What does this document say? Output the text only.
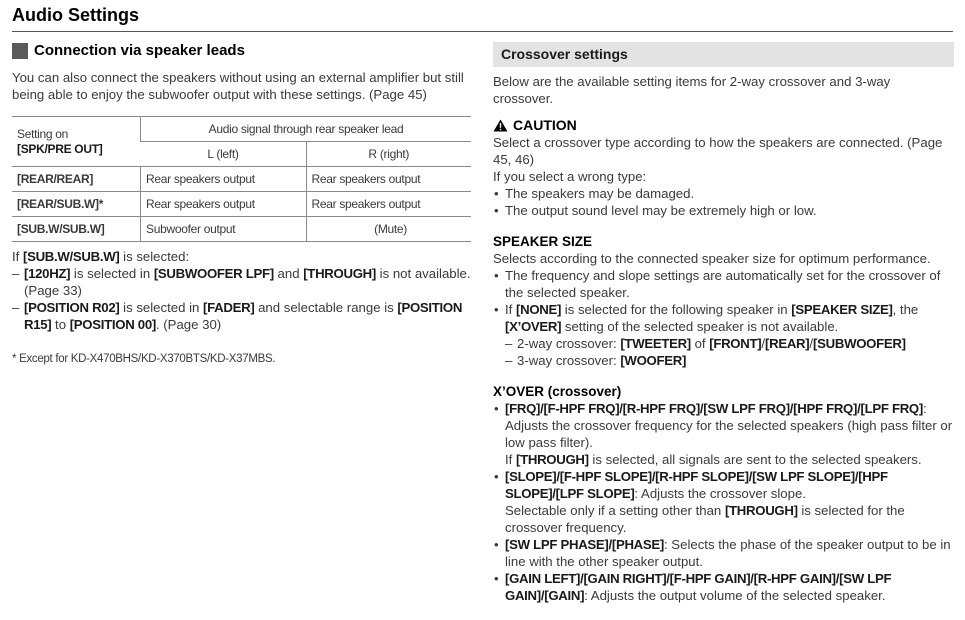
Audio Settings
Connection via speaker leads

You can also connect the speakers without using an external amplifier but still being able to enjoy the subwoofer output with these settings. (Page 45)

Setting on
[SPK/PRE OUT]	Audio signal through rear speaker lead	
	L (left)	R (right)
[REAR/REAR]	Rear speakers output	Rear speakers output
[REAR/SUB.W]*	Rear speakers output	Rear speakers output
[SUB.W/SUB.W]	Subwoofer output	(Mute)

If [SUB.W/SUB.W] is selected:

– [120HZ] is selected in [SUBWOOFER LPF] and [THROUGH] is not available. (Page 33)
– [POSITION R02] is selected in [FADER] and selectable range is [POSITION R15] to [POSITION 00]. (Page 30)
* Except for KD-X470BHS/KD-X370BTS/KD-X37MBS.
Crossover settings

Below are the available setting items for 2-way crossover and 3-way crossover.

CAUTION

Select a crossover type according to how the speakers are connected. (Page 45, 46)

If you select a wrong type:

• The speakers may be damaged.
• The output sound level may be extremely high or low.
SPEAKER SIZE

Selects according to the connected speaker size for optimum performance.

• The frequency and slope settings are automatically set for the crossover of the selected speaker.
• If [NONE] is selected for the following speaker in [SPEAKER SIZE], the [X’OVER] setting of the selected speaker is not available.
– 2-way crossover: [TWEETER] of [FRONT]/[REAR]/[SUBWOOFER]
– 3-way crossover: [WOOFER]
X’OVER (crossover)
• [FRQ]/[F-HPF FRQ]/[R-HPF FRQ]/[SW LPF FRQ]/[HPF FRQ]/[LPF FRQ]: Adjusts the crossover frequency for the selected speakers (high pass filter or low pass filter).
If [THROUGH] is selected, all signals are sent to the selected speakers.
• [SLOPE]/[F-HPF SLOPE]/[R-HPF SLOPE]/[SW LPF SLOPE]/[HPF SLOPE]/[LPF SLOPE]: Adjusts the crossover slope.
Selectable only if a setting other than [THROUGH] is selected for the crossover frequency.
• [SW LPF PHASE]/[PHASE]: Selects the phase of the speaker output to be in line with the other speaker output.
• [GAIN LEFT]/[GAIN RIGHT]/[F-HPF GAIN]/[R-HPF GAIN]/[SW LPF GAIN]/[GAIN]: Adjusts the output volume of the selected speaker.
